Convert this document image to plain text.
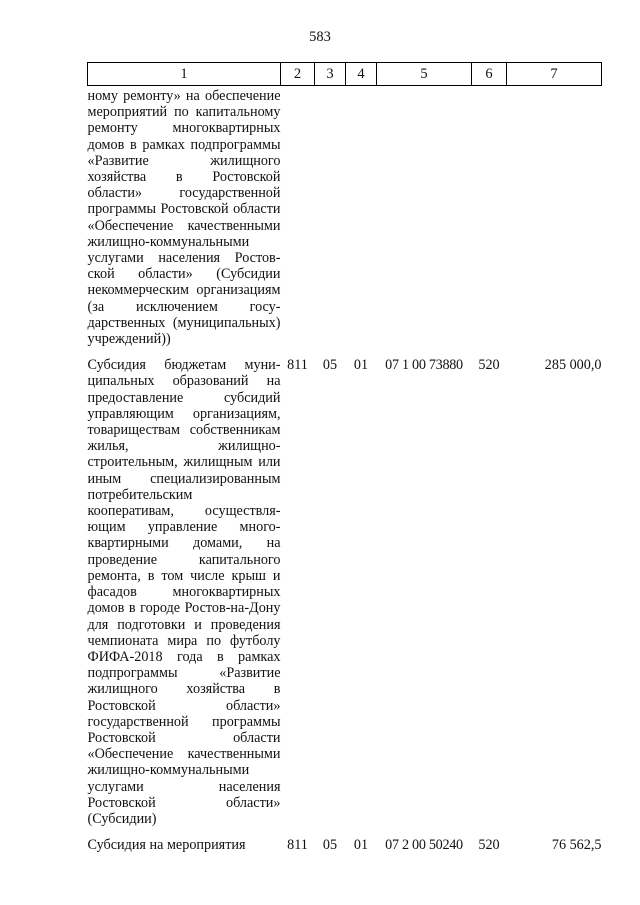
583
1	2	3	4	5	6	7
ному ремонту» на обеспечение мероприятий по капитальному ремонту многоквартирных домов в рамках подпрограммы «Развитие жилищного хозяйства в Ростовской области» государственной программы Ростовской области «Обеспечение качественными жилищно-коммунальными услугами населения Ростовской области» (Субсидии некоммерческим организациям (за исключением государственных (муниципальных) учреждений))						
Субсидия бюджетам муниципальных образований на предоставление субсидий управляющим организациям, товариществам собственникам жилья, жилищно-строительным, жилищным или иным специализированным потребительским кооперативам, осуществляющим управление многоквартирными домами, на проведение капитального ремонта, в том числе крыш и фасадов многоквартирных домов в городе Ростов-на-Дону для подготовки и проведения чемпионата мира по футболу ФИФА-2018 года в рамках подпрограммы «Развитие жилищного хозяйства в Ростовской области» государственной программы Ростовской области «Обеспечение качественными жилищно-коммунальными услугами населения Ростовской области» (Субсидии)	811	05	01	07 1 00 73880	520	285 000,0
Субсидия на мероприятия	811	05	01	07 2 00 50240	520	76 562,5
